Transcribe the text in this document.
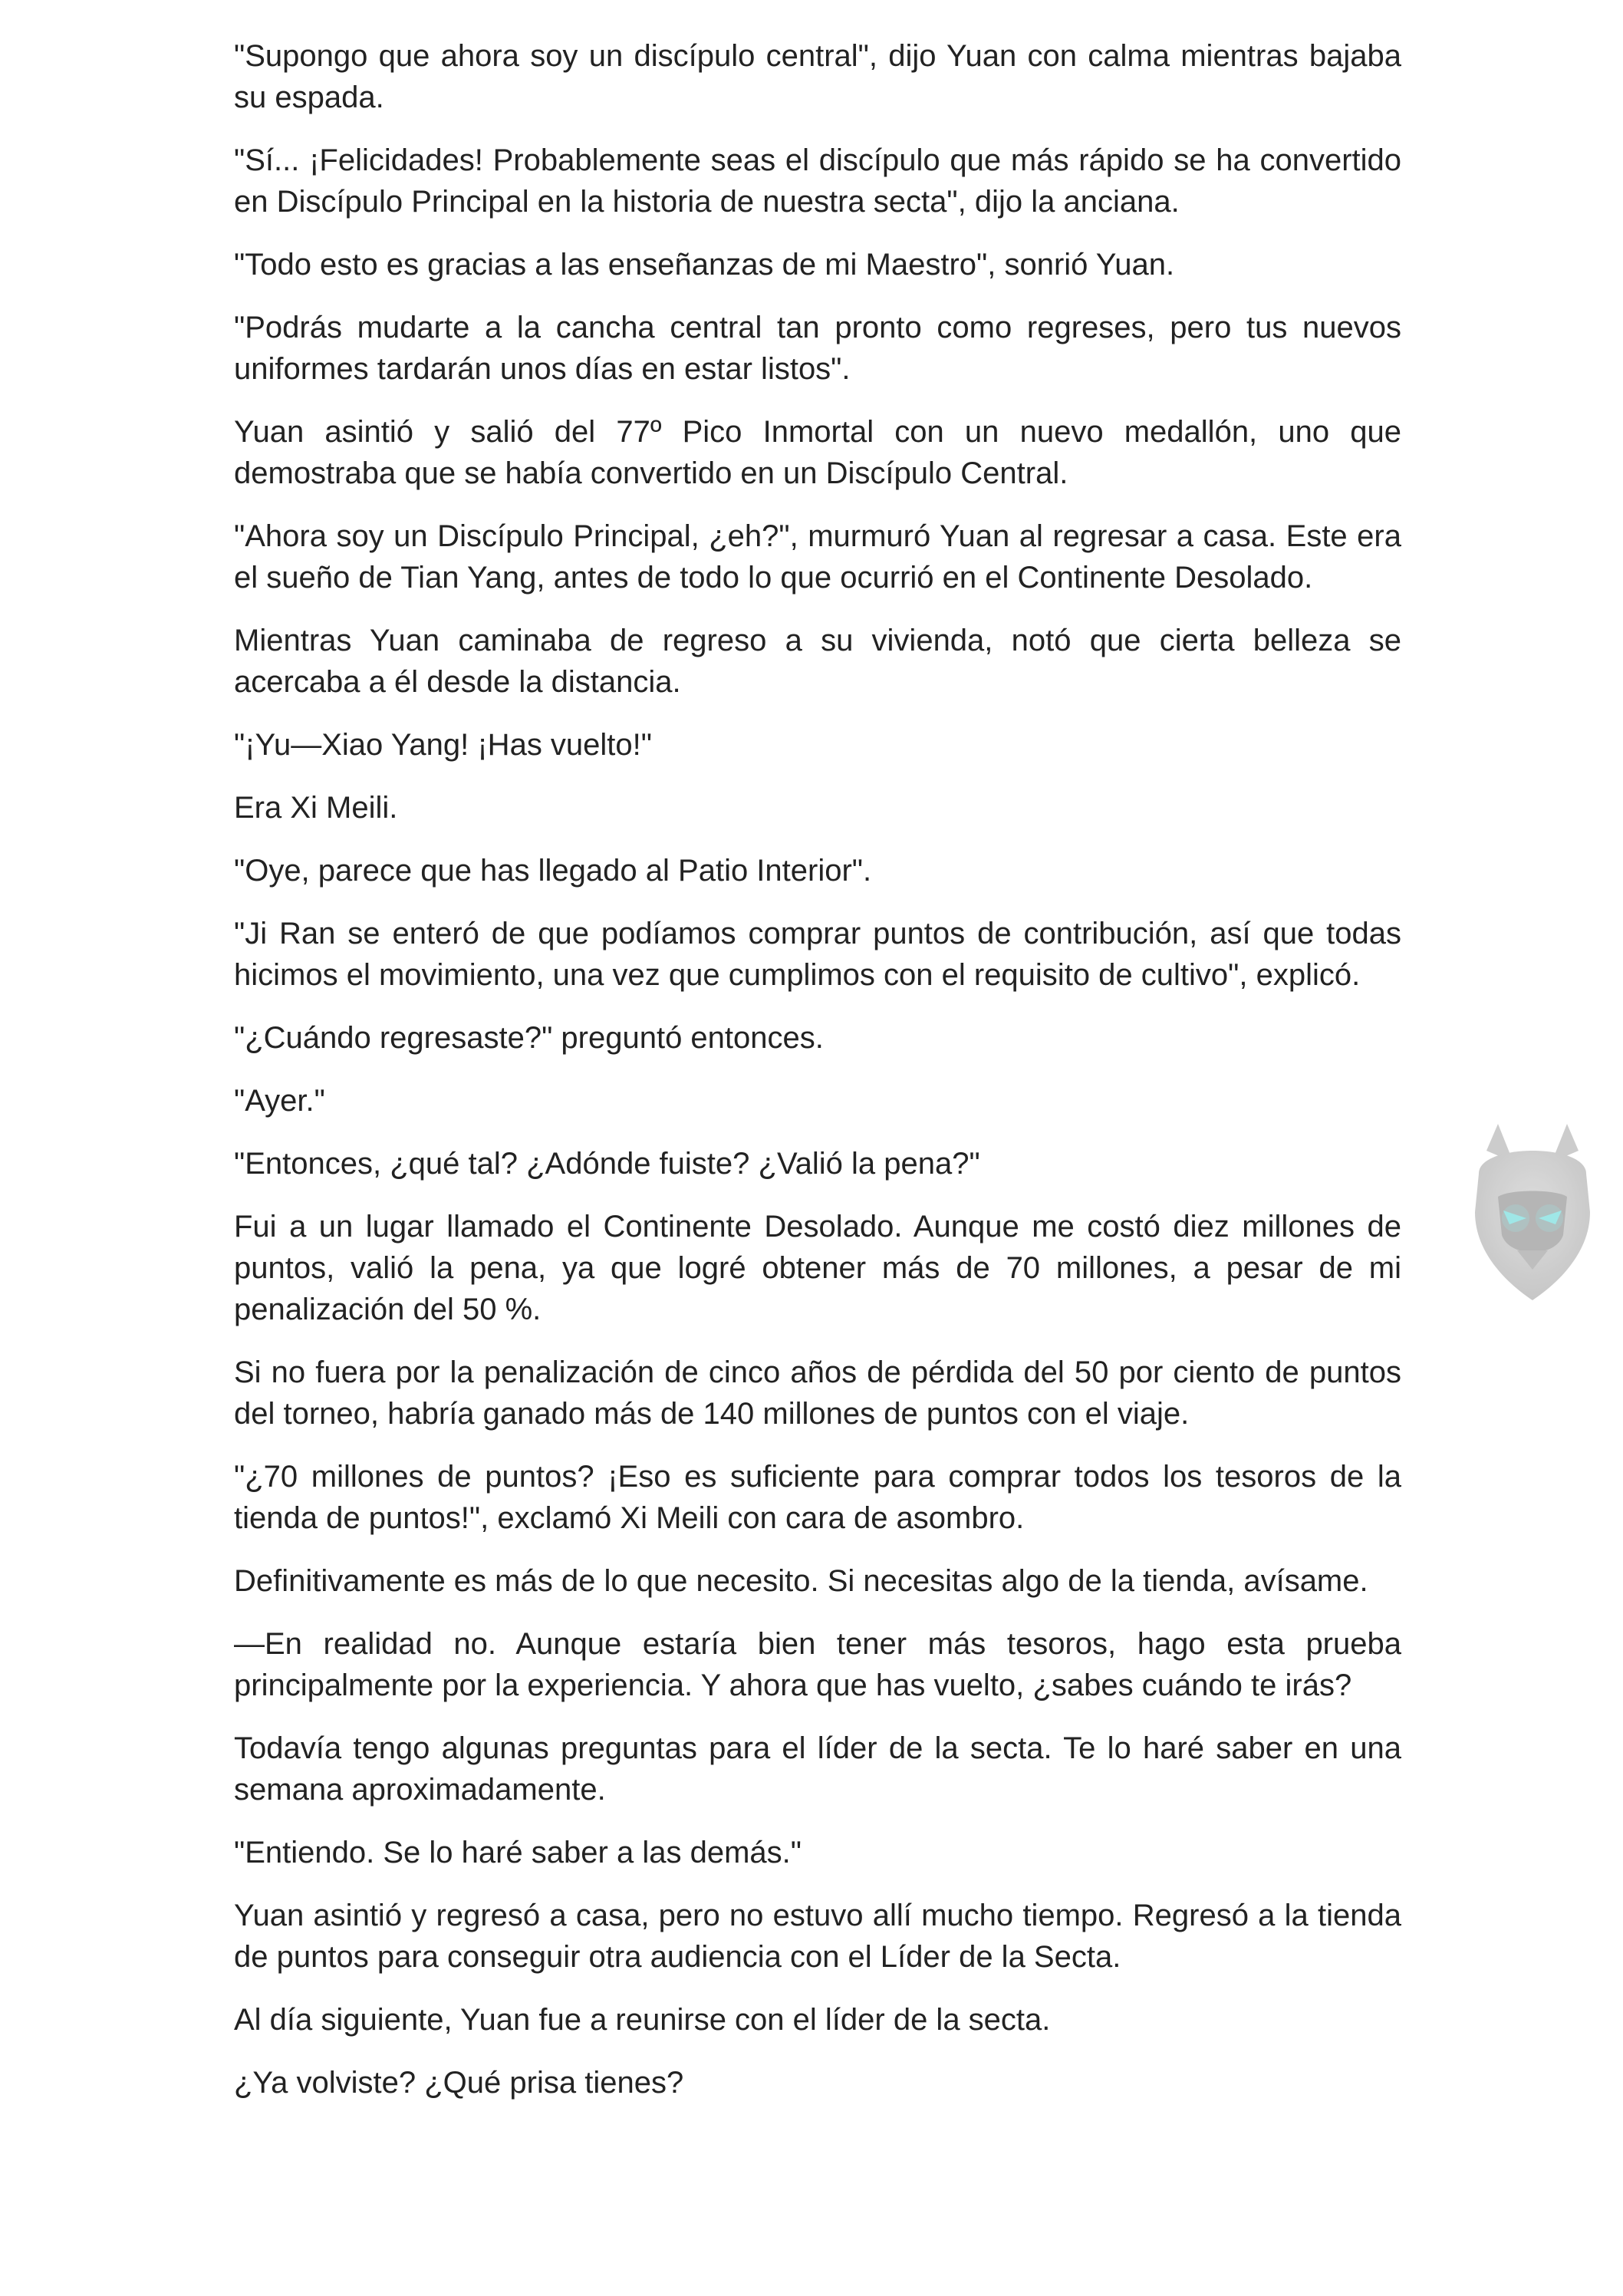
"Supongo que ahora soy un discípulo central", dijo Yuan con calma mientras bajaba su espada.

"Sí... ¡Felicidades! Probablemente seas el discípulo que más rápido se ha convertido en Discípulo Principal en la historia de nuestra secta", dijo la anciana.

"Todo esto es gracias a las enseñanzas de mi Maestro", sonrió Yuan.

"Podrás mudarte a la cancha central tan pronto como regreses, pero tus nuevos uniformes tardarán unos días en estar listos".

Yuan asintió y salió del 77º Pico Inmortal con un nuevo medallón, uno que demostraba que se había convertido en un Discípulo Central.

"Ahora soy un Discípulo Principal, ¿eh?", murmuró Yuan al regresar a casa. Este era el sueño de Tian Yang, antes de todo lo que ocurrió en el Continente Desolado.

Mientras Yuan caminaba de regreso a su vivienda, notó que cierta belleza se acercaba a él desde la distancia.

"¡Yu—Xiao Yang! ¡Has vuelto!"

Era Xi Meili.

"Oye, parece que has llegado al Patio Interior".

"Ji Ran se enteró de que podíamos comprar puntos de contribución, así que todas hicimos el movimiento, una vez que cumplimos con el requisito de cultivo", explicó.

"¿Cuándo regresaste?" preguntó entonces.

"Ayer."

"Entonces, ¿qué tal? ¿Adónde fuiste? ¿Valió la pena?"

Fui a un lugar llamado el Continente Desolado. Aunque me costó diez millones de puntos, valió la pena, ya que logré obtener más de 70 millones, a pesar de mi penalización del 50 %.

Si no fuera por la penalización de cinco años de pérdida del 50 por ciento de puntos del torneo, habría ganado más de 140 millones de puntos con el viaje.

"¿70 millones de puntos? ¡Eso es suficiente para comprar todos los tesoros de la tienda de puntos!", exclamó Xi Meili con cara de asombro.

Definitivamente es más de lo que necesito. Si necesitas algo de la tienda, avísame.

—En realidad no. Aunque estaría bien tener más tesoros, hago esta prueba principalmente por la experiencia. Y ahora que has vuelto, ¿sabes cuándo te irás?

Todavía tengo algunas preguntas para el líder de la secta. Te lo haré saber en una semana aproximadamente.

"Entiendo. Se lo haré saber a las demás."

Yuan asintió y regresó a casa, pero no estuvo allí mucho tiempo. Regresó a la tienda de puntos para conseguir otra audiencia con el Líder de la Secta.

Al día siguiente, Yuan fue a reunirse con el líder de la secta.

¿Ya volviste? ¿Qué prisa tienes?
